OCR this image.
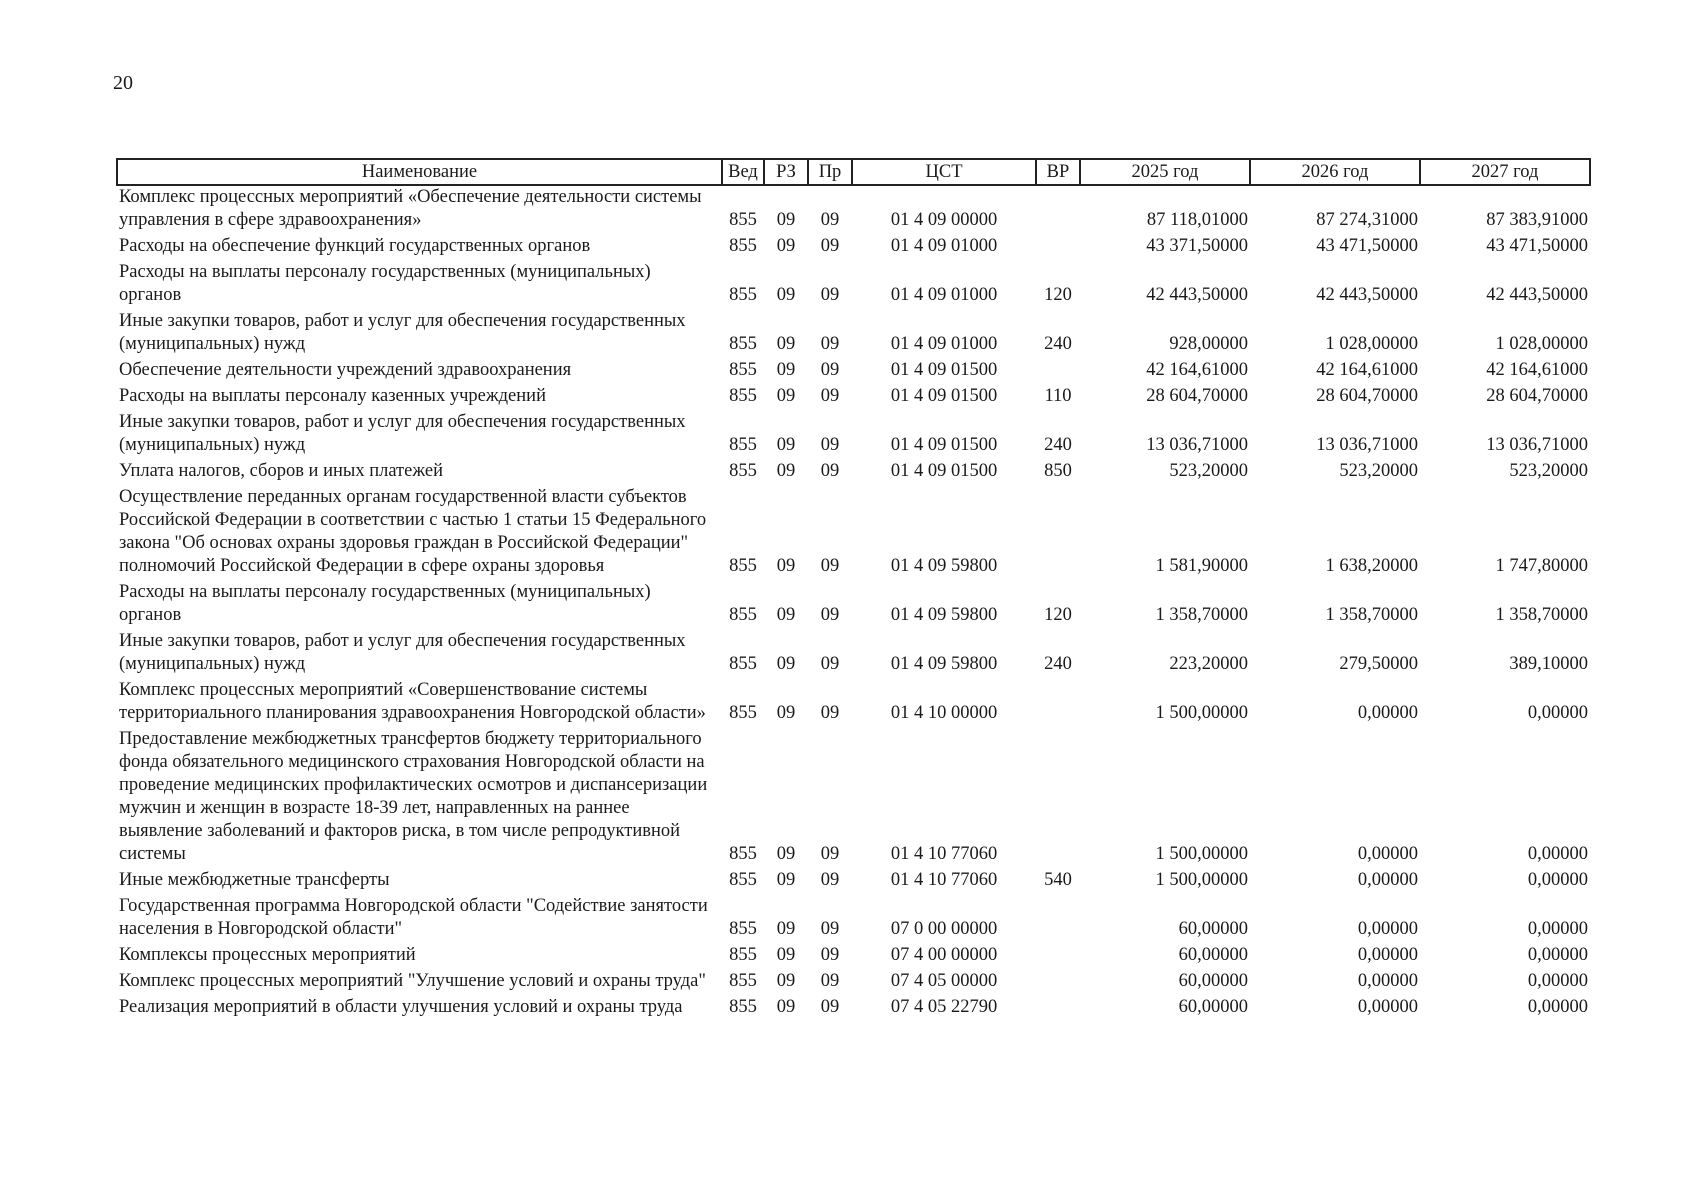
20
Наименование	Вед	РЗ	Пр	ЦСТ	ВР	2025 год	2026 год	2027 год
Комплекс процессных мероприятий «Обеспечение деятельности системы управления в сфере здравоохранения»	855	09	09	01 4 09 00000		87 118,01000	87 274,31000	87 383,91000
Расходы на обеспечение функций государственных органов	855	09	09	01 4 09 01000		43 371,50000	43 471,50000	43 471,50000
Расходы на выплаты персоналу государственных (муниципальных) органов	855	09	09	01 4 09 01000	120	42 443,50000	42 443,50000	42 443,50000
Иные закупки товаров, работ и услуг для обеспечения государственных (муниципальных) нужд	855	09	09	01 4 09 01000	240	928,00000	1 028,00000	1 028,00000
Обеспечение деятельности учреждений здравоохранения	855	09	09	01 4 09 01500		42 164,61000	42 164,61000	42 164,61000
Расходы на выплаты персоналу казенных учреждений	855	09	09	01 4 09 01500	110	28 604,70000	28 604,70000	28 604,70000
Иные закупки товаров, работ и услуг для обеспечения государственных (муниципальных) нужд	855	09	09	01 4 09 01500	240	13 036,71000	13 036,71000	13 036,71000
Уплата налогов, сборов и иных платежей	855	09	09	01 4 09 01500	850	523,20000	523,20000	523,20000
Осуществление переданных органам государственной власти субъектов Российской Федерации в соответствии с частью 1 статьи 15 Федерального закона "Об основах охраны здоровья граждан в Российской Федерации" полномочий Российской Федерации в сфере охраны здоровья	855	09	09	01 4 09 59800		1 581,90000	1 638,20000	1 747,80000
Расходы на выплаты персоналу государственных (муниципальных) органов	855	09	09	01 4 09 59800	120	1 358,70000	1 358,70000	1 358,70000
Иные закупки товаров, работ и услуг для обеспечения государственных (муниципальных) нужд	855	09	09	01 4 09 59800	240	223,20000	279,50000	389,10000
Комплекс процессных мероприятий «Совершенствование системы территориального планирования здравоохранения Новгородской области»	855	09	09	01 4 10 00000		1 500,00000	0,00000	0,00000
Предоставление межбюджетных трансфертов бюджету территориального фонда обязательного медицинского страхования Новгородской области на проведение медицинских профилактических осмотров и диспансеризации мужчин и женщин в возрасте 18-39 лет, направленных на раннее выявление заболеваний и факторов риска, в том числе репродуктивной системы	855	09	09	01 4 10 77060		1 500,00000	0,00000	0,00000
Иные межбюджетные трансферты	855	09	09	01 4 10 77060	540	1 500,00000	0,00000	0,00000
Государственная программа Новгородской области "Содействие занятости населения в Новгородской области"	855	09	09	07 0 00 00000		60,00000	0,00000	0,00000
Комплексы процессных мероприятий	855	09	09	07 4 00 00000		60,00000	0,00000	0,00000
Комплекс процессных мероприятий "Улучшение условий и охраны труда"	855	09	09	07 4 05 00000		60,00000	0,00000	0,00000
Реализация мероприятий в области улучшения условий и охраны труда	855	09	09	07 4 05 22790		60,00000	0,00000	0,00000
